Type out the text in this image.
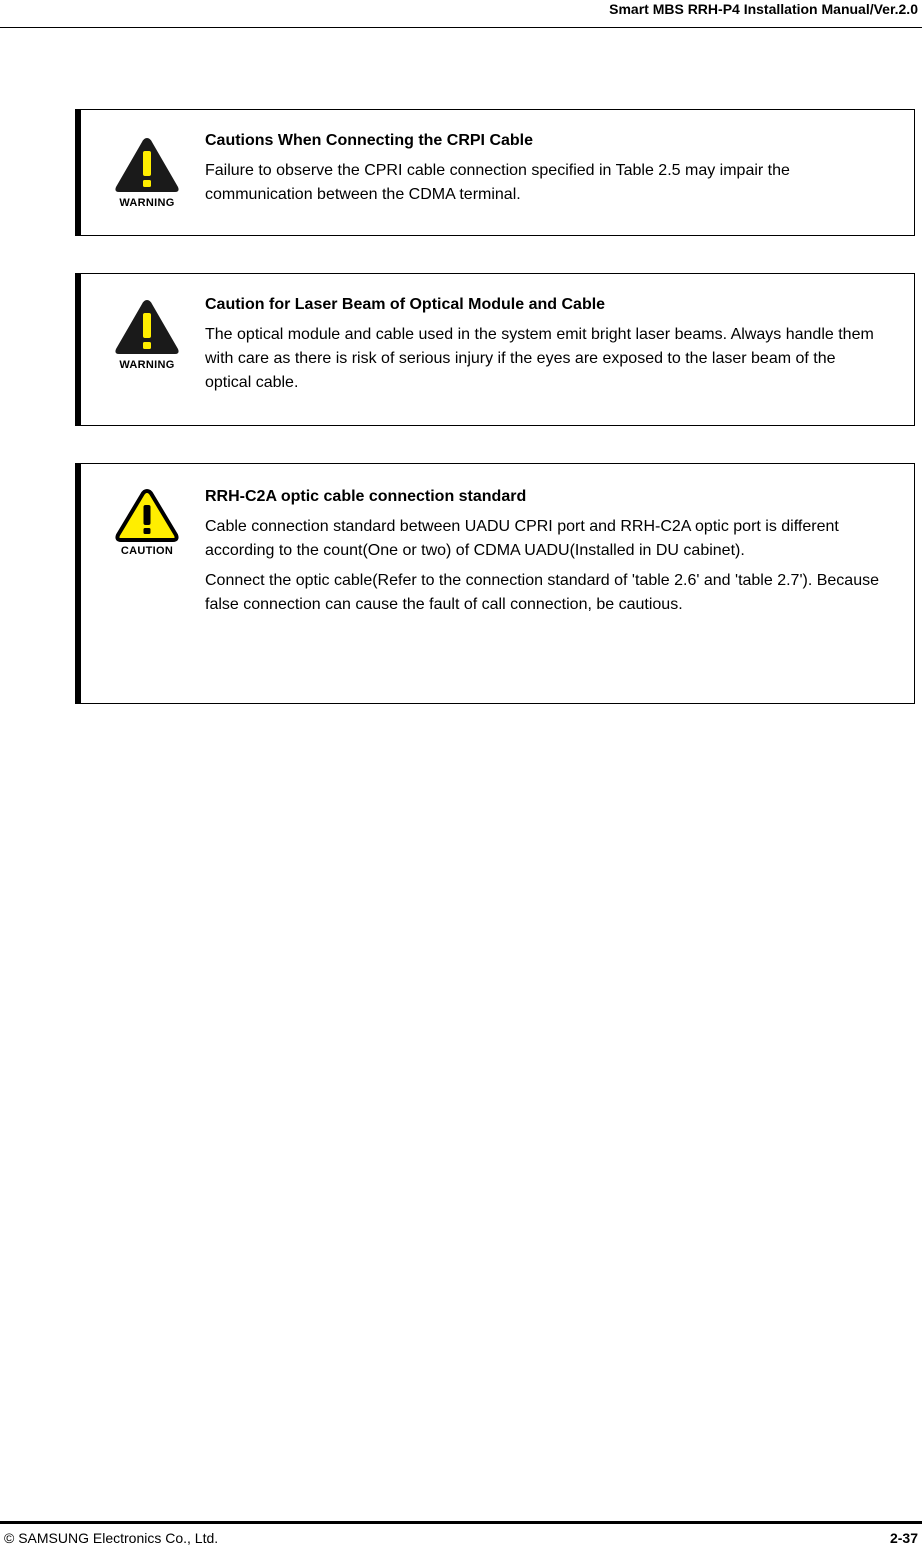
Smart MBS RRH-P4 Installation Manual/Ver.2.0
WARNING

Cautions When Connecting the CRPI Cable

Failure to observe the CPRI cable connection specified in Table 2.5 may impair the communication between the CDMA terminal.

WARNING

Caution for Laser Beam of Optical Module and Cable

The optical module and cable used in the system emit bright laser beams. Always handle them with care as there is risk of serious injury if the eyes are exposed to the laser beam of the optical cable.

CAUTION

RRH-C2A optic cable connection standard

Cable connection standard between UADU CPRI port and RRH-C2A optic port is different according to the count(One or two) of CDMA UADU(Installed in DU cabinet).

Connect the optic cable(Refer to the connection standard of 'table 2.6' and 'table 2.7'). Because false connection can cause the fault of call connection, be cautious.

© SAMSUNG Electronics Co., Ltd.	2-37
